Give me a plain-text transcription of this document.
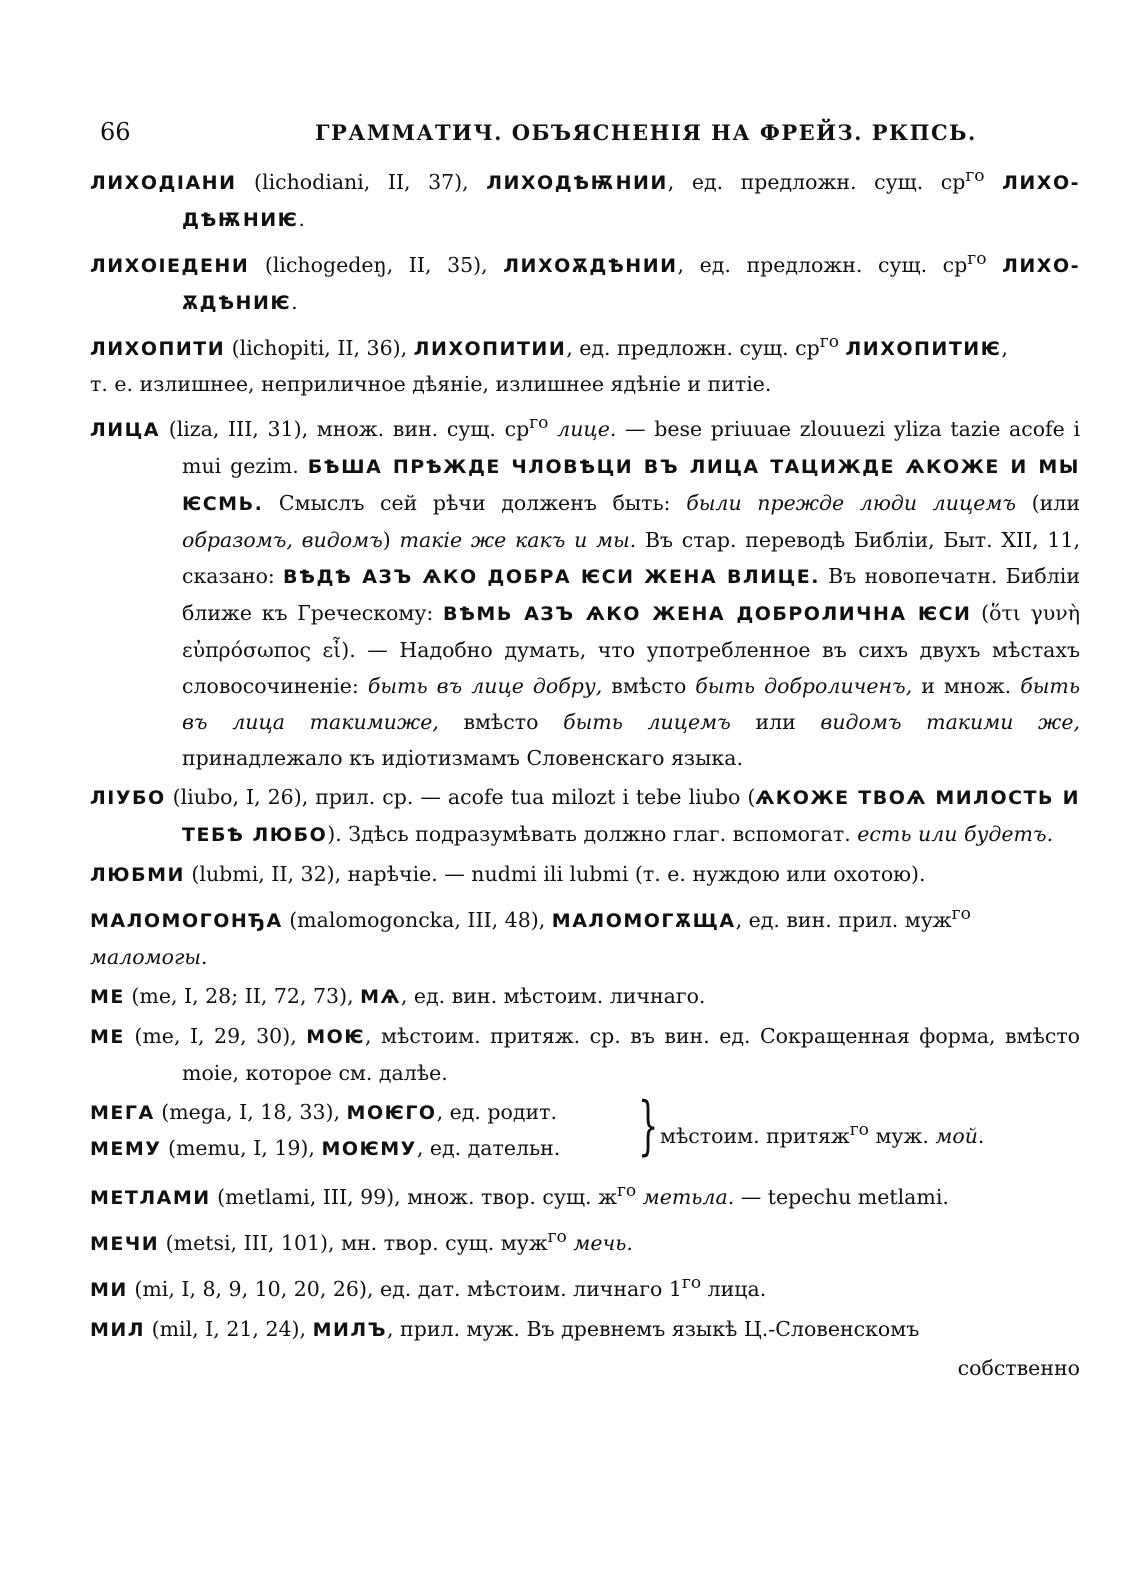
66	ГРАММАТИЧ. ОБЪЯСНЕНIЯ НА ФРЕЙЗ. РКПСЬ.
ЛИХОДIАНИ (lichodiani, II, 37), ЛИХОДѢѬНИИ, ед. предложн. сущ. $ср^{го}$ ЛИХО-ДѢѬНИѤ.
ЛИХОIЕДЕНИ (lichogedeŋ, II, 35), ЛИХОѪДѢНИИ, ед. предложн. сущ. $ср^{го}$ ЛИХО-ѪДѢНИѤ.
ЛИХОПИТИ (lichopiti, II, 36), ЛИХОПИТИИ, ед. предложн. сущ. $ср^{го}$ ЛИХОПИТИѤ,
т. е. излишнее, неприличное дѣянiе, излишнее ядѣнiе и питiе.
ЛИЦА (liza, III, 31), множ. вин. сущ. $ср^{го}$ лице. — bese priuuae zlouuezi yliza tazie acofe i mui gezim. БѢША ПРѢЖДЕ ЧЛОВѢЦИ ВЪ ЛИЦА ТАЦИЖДЕ ѦКОЖЕ И МЫ ѤСМЬ. Смыслъ сей рѣчи долженъ быть: были прежде люди лицемъ (или образомъ, видомъ) такiе же какъ и мы. Въ стар. переводѣ Библiи, Быт. XII, 11, сказано: ВѢДѢ АЗЪ ѦКО ДОБРА ѤСИ ЖЕНА ВЛИЦЕ. Въ новопечатн. Библiи ближе къ Греческому: ВѢМЬ АЗЪ ѦКО ЖЕНА ДОБРОЛИЧНА ѤСИ (ὅτι γυνὴ εὐπρόσωπος εἶ). — Надобно думать, что употребленное въ сихъ двухъ мѣстахъ словосочиненiе: быть въ лице добру, вмѣсто быть доброличенъ, и множ. быть въ лица такимиже, вмѣсто быть лицемъ или видомъ такими же, принадлежало къ идiотизмамъ Словенскаго языка.
ЛIУБО (liubo, I, 26), прил. ср. — acofe tua milozt i tebe liubo (ѦКОЖЕ ТВОѦ МИЛОСТЬ И ТЕБѢ ЛЮБО). Здѣсь подразумѣвать должно глаг. вспомогат. есть или будетъ.
ЛЮБМИ (lubmi, II, 32), нарѣчiе. — nudmi ili lubmi (т. е. нуждою или охотою).
МАЛОМОГОНЂА (malomogoncka, III, 48), МАЛОМОГѪЩА, ед. вин. прил. муж$^{го}$
маломогы.
МЕ (me, I, 28; II, 72, 73), МѦ, ед. вин. мѣстоим. личнаго.
МЕ (me, I, 29, 30), МОѤ, мѣстоим. притяж. ср. въ вин. ед. Сокращенная форма, вмѣсто moie, которое см. далѣе.
МЕГА (mega, I, 18, 33), МОѤГО, ед. родит.
МЕМУ (memu, I, 19), МОѤМУ, ед. дательн. } мѣстоим. притяж$^{го}$ муж. мой.
МЕТЛАМИ (metlami, III, 99), множ. твор. сущ. $ж^{го}$ метьла. — tepechu metlami.
МЕЧИ (metsi, III, 101), мн. твор. сущ. муж$^{го}$ мечь.
МИ (mi, I, 8, 9, 10, 20, 26), ед. дат. мѣстоим. личнаго $1^{го}$ лица.
МИЛ (mil, I, 21, 24), МИЛЪ, прил. муж. Въ древнемъ языкѣ Ц.-Словенскомъ
собственно
